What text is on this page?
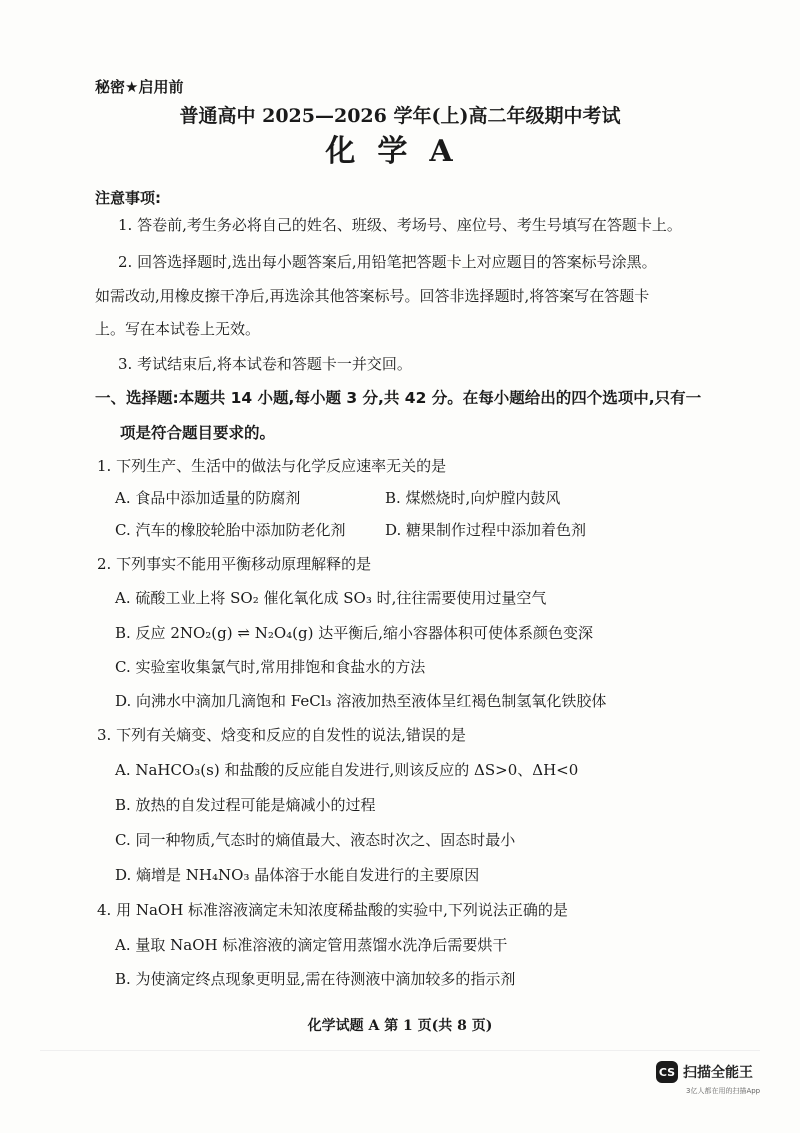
秘密★启用前
普通高中 2025—2026 学年(上)高二年级期中考试
化学A
注意事项:
1. 答卷前,考生务必将自己的姓名、班级、考场号、座位号、考生号填写在答题卡上。
2. 回答选择题时,选出每小题答案后,用铅笔把答题卡上对应题目的答案标号涂黑。
如需改动,用橡皮擦干净后,再选涂其他答案标号。回答非选择题时,将答案写在答题卡
上。写在本试卷上无效。
3. 考试结束后,将本试卷和答题卡一并交回。
一、选择题:本题共 14 小题,每小题 3 分,共 42 分。在每小题给出的四个选项中,只有一
项是符合题目要求的。
1. 下列生产、生活中的做法与化学反应速率无关的是
A. 食品中添加适量的防腐剂	B. 煤燃烧时,向炉膛内鼓风
C. 汽车的橡胶轮胎中添加防老化剂	D. 糖果制作过程中添加着色剂
2. 下列事实不能用平衡移动原理解释的是
A. 硫酸工业上将 SO₂ 催化氧化成 SO₃ 时,往往需要使用过量空气
B. 反应 2NO₂(g) ⇌ N₂O₄(g) 达平衡后,缩小容器体积可使体系颜色变深
C. 实验室收集氯气时,常用排饱和食盐水的方法
D. 向沸水中滴加几滴饱和 FeCl₃ 溶液加热至液体呈红褐色制氢氧化铁胶体
3. 下列有关熵变、焓变和反应的自发性的说法,错误的是
A. NaHCO₃(s) 和盐酸的反应能自发进行,则该反应的 ΔS>0、ΔH<0
B. 放热的自发过程可能是熵减小的过程
C. 同一种物质,气态时的熵值最大、液态时次之、固态时最小
D. 熵增是 NH₄NO₃ 晶体溶于水能自发进行的主要原因
4. 用 NaOH 标准溶液滴定未知浓度稀盐酸的实验中,下列说法正确的是
A. 量取 NaOH 标准溶液的滴定管用蒸馏水洗净后需要烘干
B. 为使滴定终点现象更明显,需在待测液中滴加较多的指示剂
化学试题 A 第 1 页(共 8 页)
CS 扫描全能王
3亿人都在用的扫描App
